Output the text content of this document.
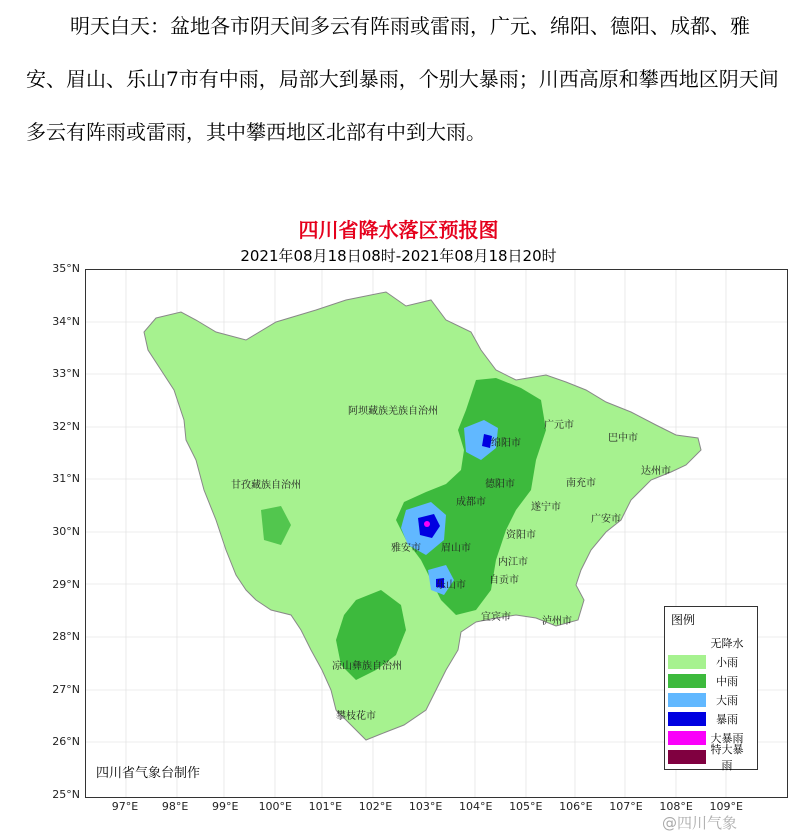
明天白天：盆地各市阴天间多云有阵雨或雷雨，广元、绵阳、德阳、成都、雅安、眉山、乐山7市有中雨，局部大到暴雨，个别大暴雨；川西高原和攀西地区阴天间多云有阵雨或雷雨，其中攀西地区北部有中到大雨。

四川省降水落区预报图
2021年08月18日08时-2021年08月18日20时
35°N
34°N
33°N
32°N
31°N
30°N
29°N
28°N
27°N
26°N
25°N
97°E	98°E	99°E	100°E	101°E	102°E	103°E	104°E	105°E	106°E	107°E	108°E	109°E
阿坝藏族羌族自治州
甘孜藏族自治州
凉山彝族自治州
攀枝花市
绵阳市
广元市
巴中市
达州市
南充市
德阳市
成都市	遂宁市
广安市
资阳市
雅安市 眉山市
内江市
自贡市
乐山市
宜宾市	泸州市	图例
无降水
小雨
中雨
大雨
暴雨
大暴雨
特大暴雨
四川省气象台制作
@四川气象
